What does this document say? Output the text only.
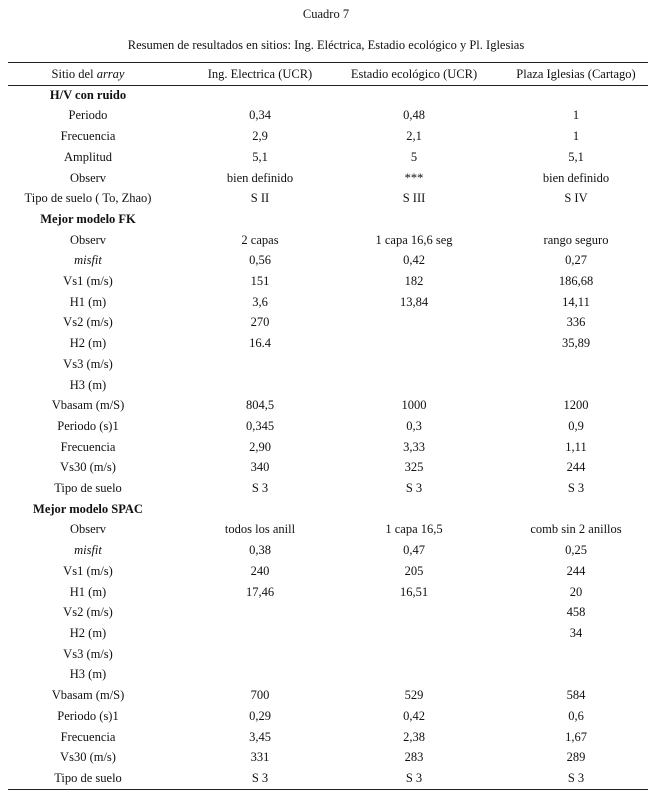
Cuadro 7
Resumen de resultados en sitios: Ing. Eléctrica, Estadio ecológico y Pl. Iglesias
Sitio del array	Ing. Electrica (UCR)	Estadio ecológico (UCR)	Plaza Iglesias (Cartago)
H/V con ruido			
Periodo	0,34	0,48	1
Frecuencia	2,9	2,1	1
Amplitud	5,1	5	5,1
Observ	bien definido	***	bien definido
Tipo de suelo ( To, Zhao)	S II	S III	S IV
Mejor modelo FK			
Observ	2 capas	1 capa 16,6 seg	rango seguro
misfit	0,56	0,42	0,27
Vs1 (m/s)	151	182	186,68
H1 (m)	3,6	13,84	14,11
Vs2 (m/s)	270		336
H2 (m)	16.4		35,89
Vs3 (m/s)			
H3 (m)			
Vbasam (m/S)	804,5	1000	1200
Periodo (s)1	0,345	0,3	0,9
Frecuencia	2,90	3,33	1,11
Vs30 (m/s)	340	325	244
Tipo de suelo	S 3	S 3	S 3
Mejor modelo SPAC			
Observ	todos los anill	1 capa 16,5	comb sin 2 anillos
misfit	0,38	0,47	0,25
Vs1 (m/s)	240	205	244
H1 (m)	17,46	16,51	20
Vs2 (m/s)			458
H2 (m)			34
Vs3 (m/s)			
H3 (m)			
Vbasam (m/S)	700	529	584
Periodo (s)1	0,29	0,42	0,6
Frecuencia	3,45	2,38	1,67
Vs30 (m/s)	331	283	289
Tipo de suelo	S 3	S 3	S 3
